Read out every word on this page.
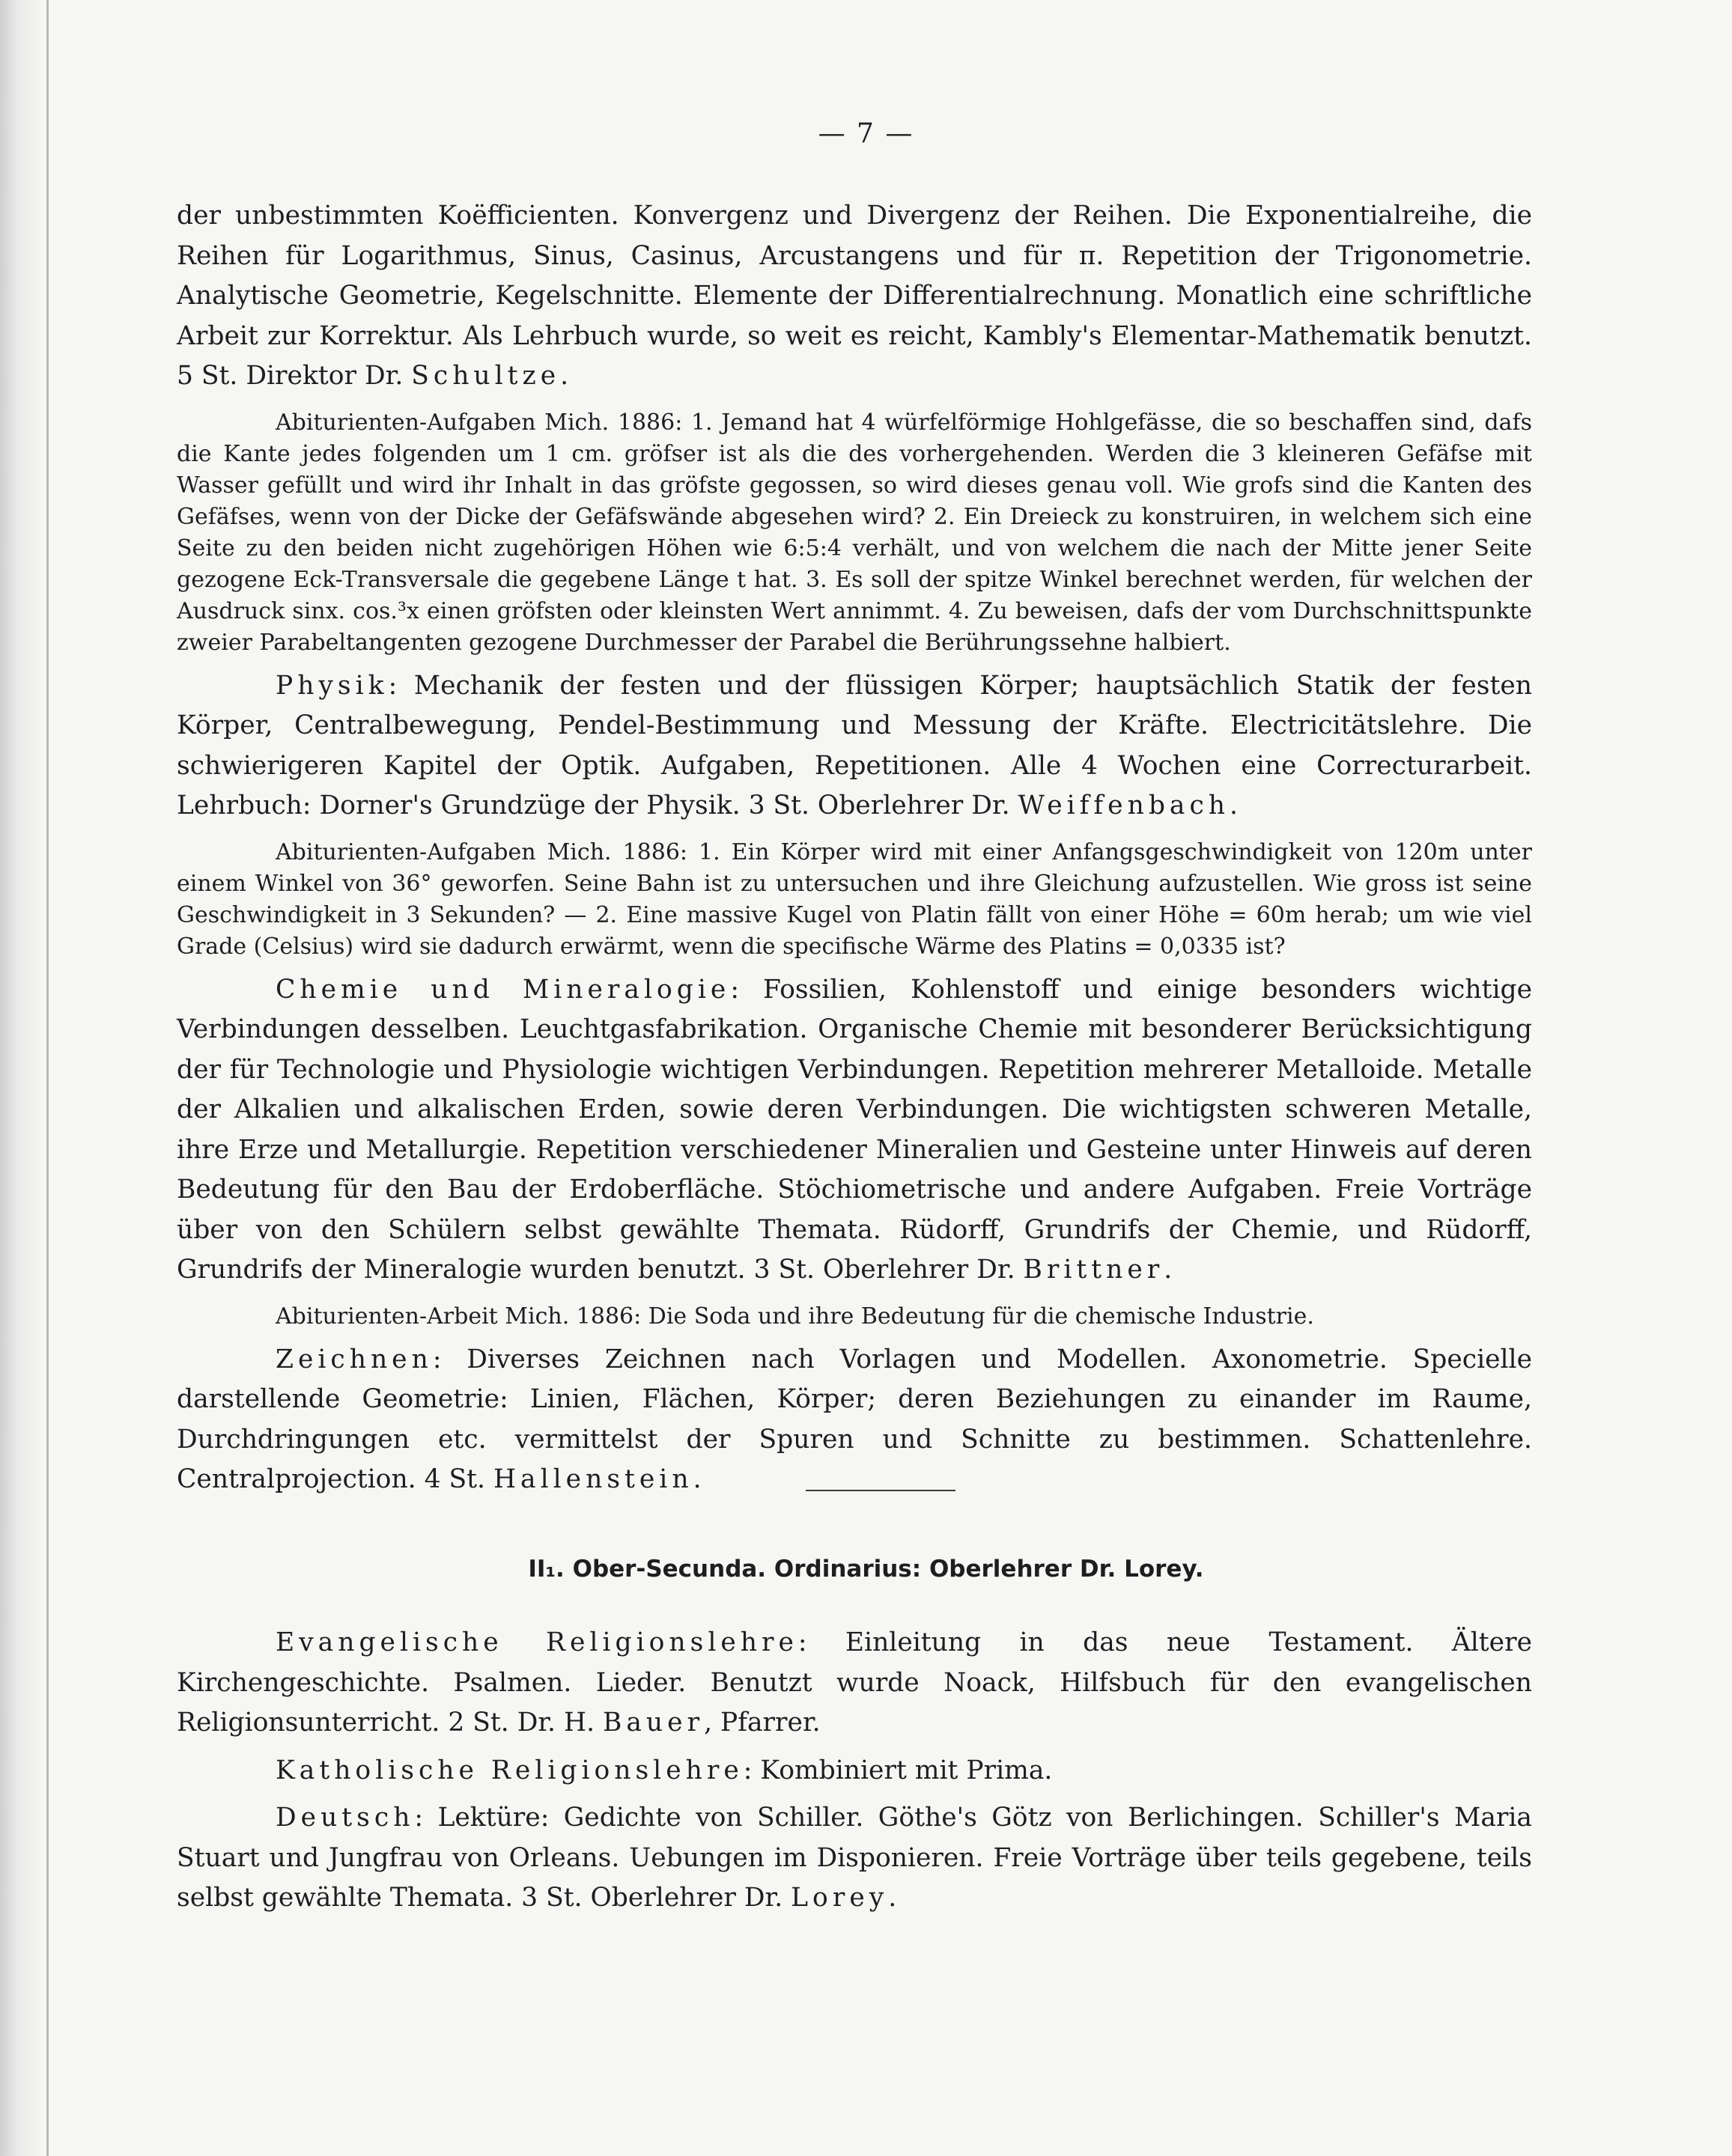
— 7 —

der unbestimmten Koëfficienten. Konvergenz und Divergenz der Reihen. Die Exponentialreihe, die Reihen für Logarithmus, Sinus, Casinus, Arcustangens und für π. Repetition der Trigonometrie. Analytische Geometrie, Kegelschnitte. Elemente der Differentialrechnung. Monatlich eine schriftliche Arbeit zur Korrektur. Als Lehrbuch wurde, so weit es reicht, Kambly's Elementar-Mathematik benutzt. 5 St. Direktor Dr. Schultze.

Abiturienten-Aufgaben Mich. 1886: 1. Jemand hat 4 würfelförmige Hohlgefässe, die so beschaffen sind, dafs die Kante jedes folgenden um 1 cm. gröfser ist als die des vorhergehenden. Werden die 3 kleineren Gefäfse mit Wasser gefüllt und wird ihr Inhalt in das gröfste gegossen, so wird dieses genau voll. Wie grofs sind die Kanten des Gefäfses, wenn von der Dicke der Gefäfswände abgesehen wird? 2. Ein Dreieck zu konstruiren, in welchem sich eine Seite zu den beiden nicht zugehörigen Höhen wie 6:5:4 verhält, und von welchem die nach der Mitte jener Seite gezogene Eck-Transversale die gegebene Länge t hat. 3. Es soll der spitze Winkel berechnet werden, für welchen der Ausdruck sinx. cos.³x einen gröfsten oder kleinsten Wert annimmt. 4. Zu beweisen, dafs der vom Durchschnittspunkte zweier Parabeltangenten gezogene Durchmesser der Parabel die Berührungssehne halbiert.

Physik: Mechanik der festen und der flüssigen Körper; hauptsächlich Statik der festen Körper, Centralbewegung, Pendel-Bestimmung und Messung der Kräfte. Electricitätslehre. Die schwierigeren Kapitel der Optik. Aufgaben, Repetitionen. Alle 4 Wochen eine Correcturarbeit. Lehrbuch: Dorner's Grundzüge der Physik. 3 St. Oberlehrer Dr. Weiffenbach.

Abiturienten-Aufgaben Mich. 1886: 1. Ein Körper wird mit einer Anfangsgeschwindigkeit von 120m unter einem Winkel von 36° geworfen. Seine Bahn ist zu untersuchen und ihre Gleichung aufzustellen. Wie gross ist seine Geschwindigkeit in 3 Sekunden? — 2. Eine massive Kugel von Platin fällt von einer Höhe = 60m herab; um wie viel Grade (Celsius) wird sie dadurch erwärmt, wenn die specifische Wärme des Platins = 0,0335 ist?

Chemie und Mineralogie: Fossilien, Kohlenstoff und einige besonders wichtige Verbindungen desselben. Leuchtgasfabrikation. Organische Chemie mit besonderer Berücksichtigung der für Technologie und Physiologie wichtigen Verbindungen. Repetition mehrerer Metalloide. Metalle der Alkalien und alkalischen Erden, sowie deren Verbindungen. Die wichtigsten schweren Metalle, ihre Erze und Metallurgie. Repetition verschiedener Mineralien und Gesteine unter Hinweis auf deren Bedeutung für den Bau der Erdoberfläche. Stöchiometrische und andere Aufgaben. Freie Vorträge über von den Schülern selbst gewählte Themata. Rüdorff, Grundrifs der Chemie, und Rüdorff, Grundrifs der Mineralogie wurden benutzt. 3 St. Oberlehrer Dr. Brittner.

Abiturienten-Arbeit Mich. 1886: Die Soda und ihre Bedeutung für die chemische Industrie.

Zeichnen: Diverses Zeichnen nach Vorlagen und Modellen. Axonometrie. Specielle darstellende Geometrie: Linien, Flächen, Körper; deren Beziehungen zu einander im Raume, Durchdringungen etc. vermittelst der Spuren und Schnitte zu bestimmen. Schattenlehre. Centralprojection. 4 St. Hallenstein.

II₁. Ober-Secunda. Ordinarius: Oberlehrer Dr. Lorey.

Evangelische Religionslehre: Einleitung in das neue Testament. Ältere Kirchengeschichte. Psalmen. Lieder. Benutzt wurde Noack, Hilfsbuch für den evangelischen Religionsunterricht. 2 St. Dr. H. Bauer, Pfarrer.

Katholische Religionslehre: Kombiniert mit Prima.

Deutsch: Lektüre: Gedichte von Schiller. Göthe's Götz von Berlichingen. Schiller's Maria Stuart und Jungfrau von Orleans. Uebungen im Disponieren. Freie Vorträge über teils gegebene, teils selbst gewählte Themata. 3 St. Oberlehrer Dr. Lorey.
